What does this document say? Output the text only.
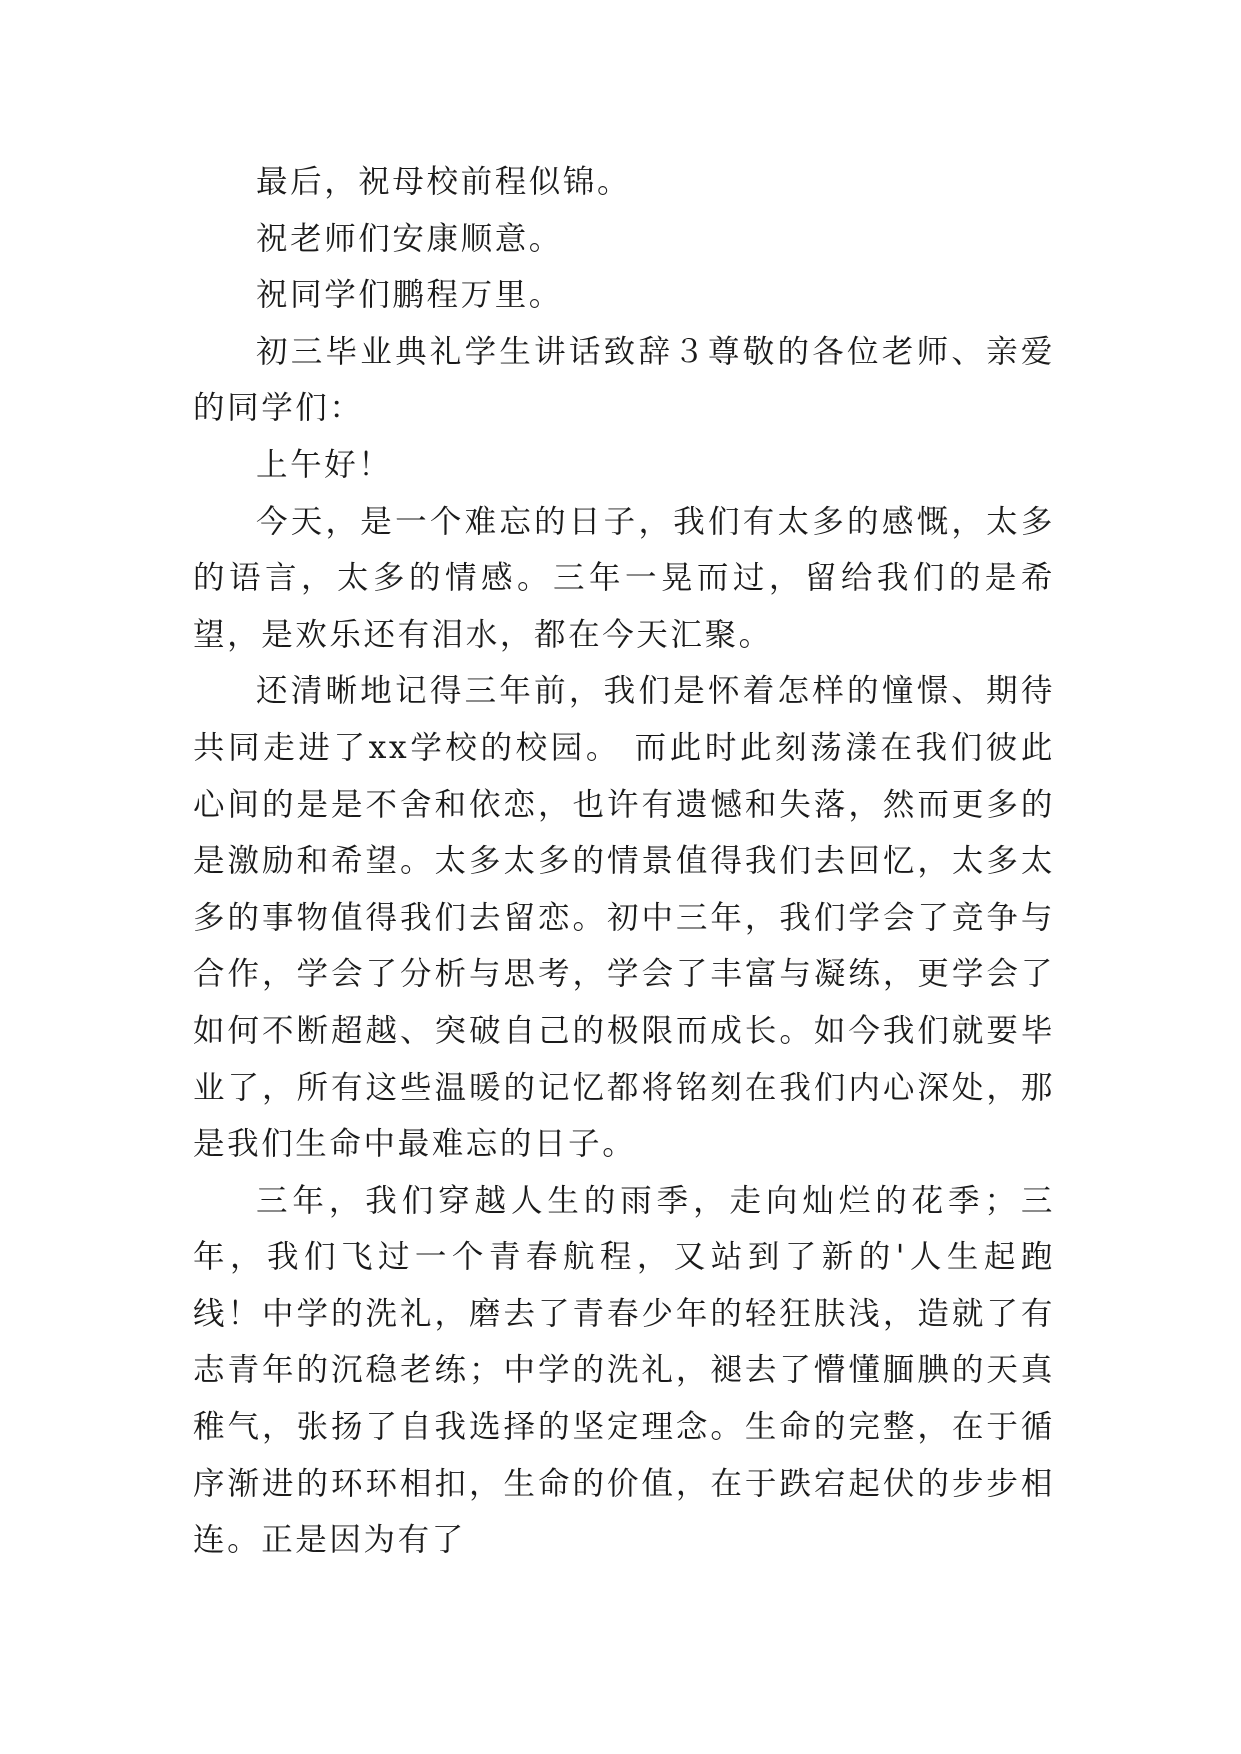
最后，祝母校前程似锦。

祝老师们安康顺意。

祝同学们鹏程万里。

初三毕业典礼学生讲话致辞３尊敬的各位老师、亲爱的同学们：

上午好！

今天，是一个难忘的日子，我们有太多的感慨，太多的语言，太多的情感。三年一晃而过，留给我们的是希望，是欢乐还有泪水，都在今天汇聚。

还清晰地记得三年前，我们是怀着怎样的憧憬、期待共同走进了xx学校的校园。 而此时此刻荡漾在我们彼此心间的是是不舍和依恋，也许有遗憾和失落，然而更多的是激励和希望。太多太多的情景值得我们去回忆，太多太多的事物值得我们去留恋。初中三年，我们学会了竞争与合作，学会了分析与思考，学会了丰富与凝练，更学会了如何不断超越、突破自己的极限而成长。如今我们就要毕业了，所有这些温暖的记忆都将铭刻在我们内心深处，那是我们生命中最难忘的日子。

三年，我们穿越人生的雨季，走向灿烂的花季；三年，我们飞过一个青春航程，又站到了新的'人生起跑线！中学的洗礼，磨去了青春少年的轻狂肤浅，造就了有志青年的沉稳老练；中学的洗礼，褪去了懵懂腼腆的天真稚气，张扬了自我选择的坚定理念。生命的完整，在于循序渐进的环环相扣，生命的价值，在于跌宕起伏的步步相连。正是因为有了
